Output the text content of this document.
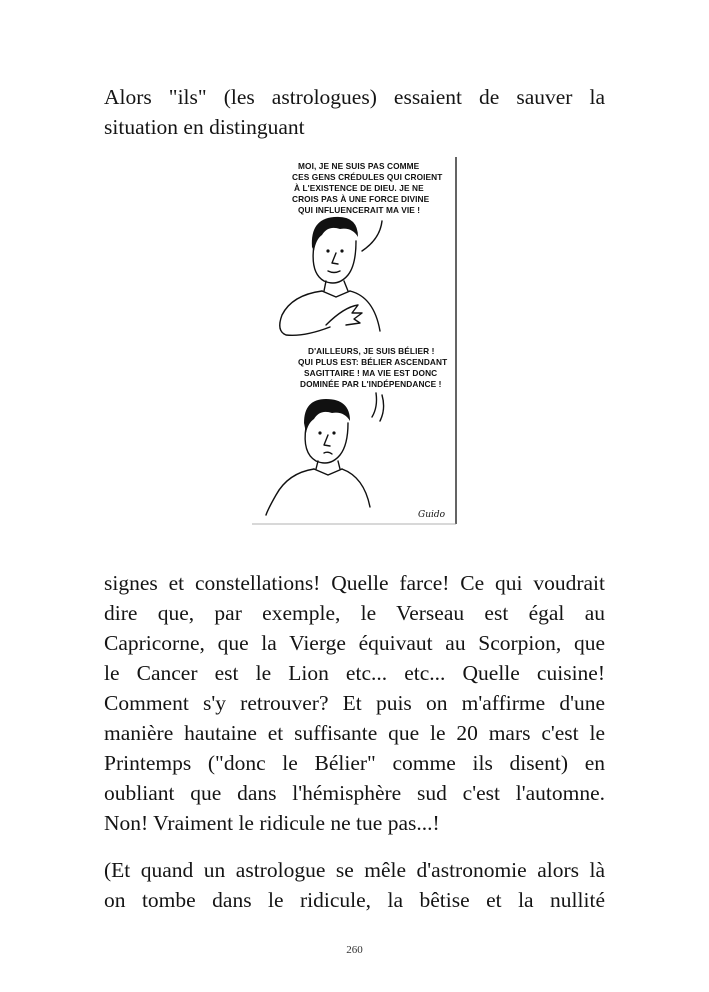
Alors "ils" (les astrologues) essaient de sauver la
situation en distinguant
MOI, JE NE SUIS PAS COMME
CES GENS CRÉDULES QUI CROIENT
À L'EXISTENCE DE DIEU. JE NE
CROIS PAS À UNE FORCE DIVINE
QUI INFLUENCERAIT MA VIE !
D'AILLEURS, JE SUIS BÉLIER !
QUI PLUS EST: BÉLIER ASCENDANT
SAGITTAIRE ! MA VIE EST DONC
DOMINÉE PAR L'INDÉPENDANCE !
Guido
signes et constellations! Quelle farce! Ce qui voudrait
dire que, par exemple, le Verseau est égal au
Capricorne, que la Vierge équivaut au Scorpion, que
le Cancer est le Lion etc... etc... Quelle cuisine!
Comment s'y retrouver? Et puis on m'affirme d'une
manière hautaine et suffisante que le 20 mars c'est le
Printemps ("donc le Bélier" comme ils disent) en
oubliant que dans l'hémisphère sud c'est l'automne.
Non! Vraiment le ridicule ne tue pas...!
(Et quand un astrologue se mêle d'astronomie alors là
on tombe dans le ridicule, la bêtise et la nullité

260
